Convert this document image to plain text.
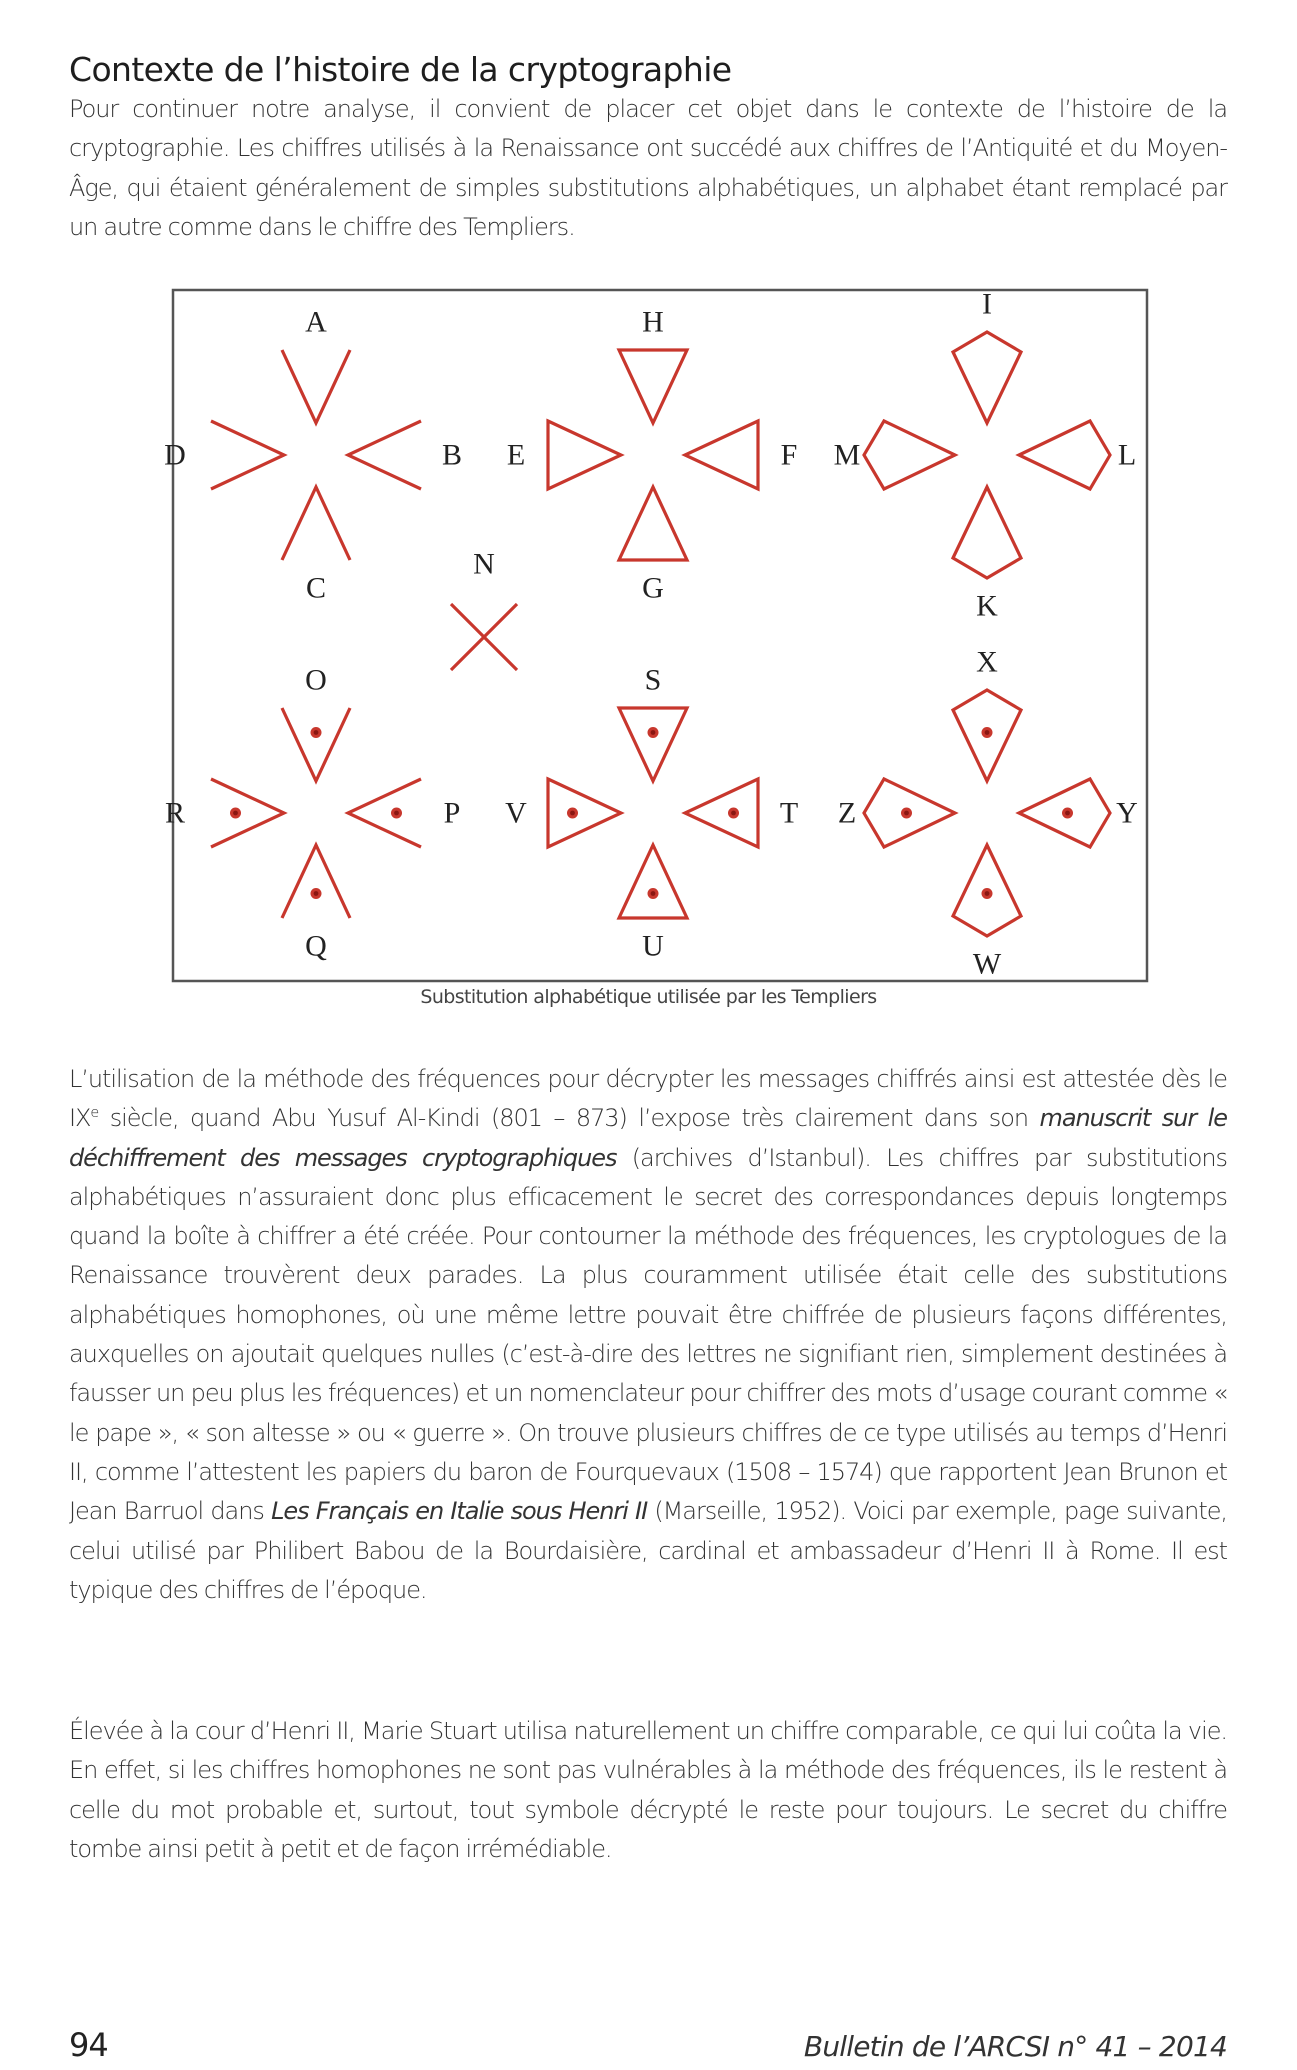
Contexte de l’histoire de la cryptographie

Pour continuer notre analyse, il convient de placer cet objet dans le contexte de l’histoire de la cryptographie. Les chiffres utilisés à la Renaissance ont succédé aux chiffres de l’Antiquité et du Moyen-Âge, qui étaient généralement de simples substitutions alphabétiques, un alphabet étant remplacé par un autre comme dans le chiffre des Templiers.

A
B
C
D
H
F
G
E
I
L
K
M
O
P
Q
R
S
T
U
V
X
Y
W
Z
N
Substitution alphabétique utilisée par les Templiers

L’utilisation de la méthode des fréquences pour décrypter les messages chiffrés ainsi est attestée dès le IXe siècle, quand Abu Yusuf Al-Kindi (801 – 873) l’expose très clairement dans son manuscrit sur le déchiffrement des messages cryptographiques (archives d’Istanbul). Les chiffres par substitutions alphabétiques n’assuraient donc plus efficacement le secret des correspondances depuis longtemps quand la boîte à chiffrer a été créée. Pour contourner la méthode des fréquences, les cryptologues de la Renaissance trouvèrent deux parades. La plus couramment utilisée était celle des substitutions alphabétiques homophones, où une même lettre pouvait être chiffrée de plusieurs façons différentes, auxquelles on ajoutait quelques nulles (c’est-à-dire des lettres ne signifiant rien, simplement destinées à fausser un peu plus les fréquences) et un nomenclateur pour chiffrer des mots d’usage courant comme « le pape », « son altesse » ou « guerre ». On trouve plusieurs chiffres de ce type utilisés au temps d’Henri II, comme l’attestent les papiers du baron de Fourquevaux (1508 – 1574) que rapportent Jean Brunon et Jean Barruol dans Les Français en Italie sous Henri II (Marseille, 1952). Voici par exemple, page suivante, celui utilisé par Philibert Babou de la Bourdaisière, cardinal et ambassadeur d’Henri II à Rome. Il est typique des chiffres de l’époque.

Élevée à la cour d’Henri II, Marie Stuart utilisa naturellement un chiffre comparable, ce qui lui coûta la vie. En effet, si les chiffres homophones ne sont pas vulnérables à la méthode des fréquences, ils le restent à celle du mot probable et, surtout, tout symbole décrypté le reste pour toujours. Le secret du chiffre tombe ainsi petit à petit et de façon irrémédiable.

94	Bulletin de l’ARCSI n° 41 – 2014
